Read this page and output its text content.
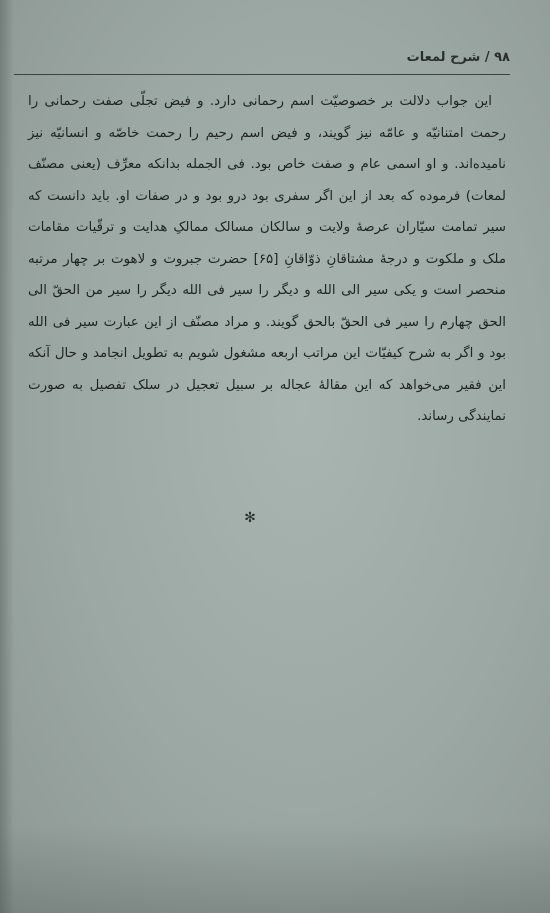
۹۸ / شرح لمعات

این جواب دلالت بر خصوصیّت اسم رحمانی دارد. و فیض تجلّی صفت رحمانی را رحمت امتنانیّه و عامّه نیز گویند، و فیض اسم رحیم را رحمت خاصّه و انسانیّه نیز نامیده‌اند. و او اسمی عام و صفت خاص بود. فی الجمله بدانکه معرِّف (یعنی مصنّف لمعات) فرموده که بعد از این اگر سفری بود درو بود و در صفات او. باید دانست که سیر تمامت سیّاران عرصهٔ ولایت و سالکان مسالک ممالکِ هدایت و ترقّیات مقامات ملک و ملکوت و درجهٔ مشتاقانِ ذوّاقانِ [۶۵] حضرت جبروت و لاهوت بر چهار مرتبه منحصر است و یکی سیر الی الله و دیگر را سیر فی الله دیگر را سیر من الحقّ الی الحق چهارم را سیر فی الحقّ بالحق گویند. و مراد مصنّف از این عبارت سیر فی الله بود و اگر به شرح کیفیّات این مراتب اربعه مشغول شویم به تطویل انجامد و حال آنکه این فقیر می‌خواهد که این مقالهٔ عجاله بر سبیل تعجیل در سلک تفصیل به صورت نمایندگی رساند.

✻
